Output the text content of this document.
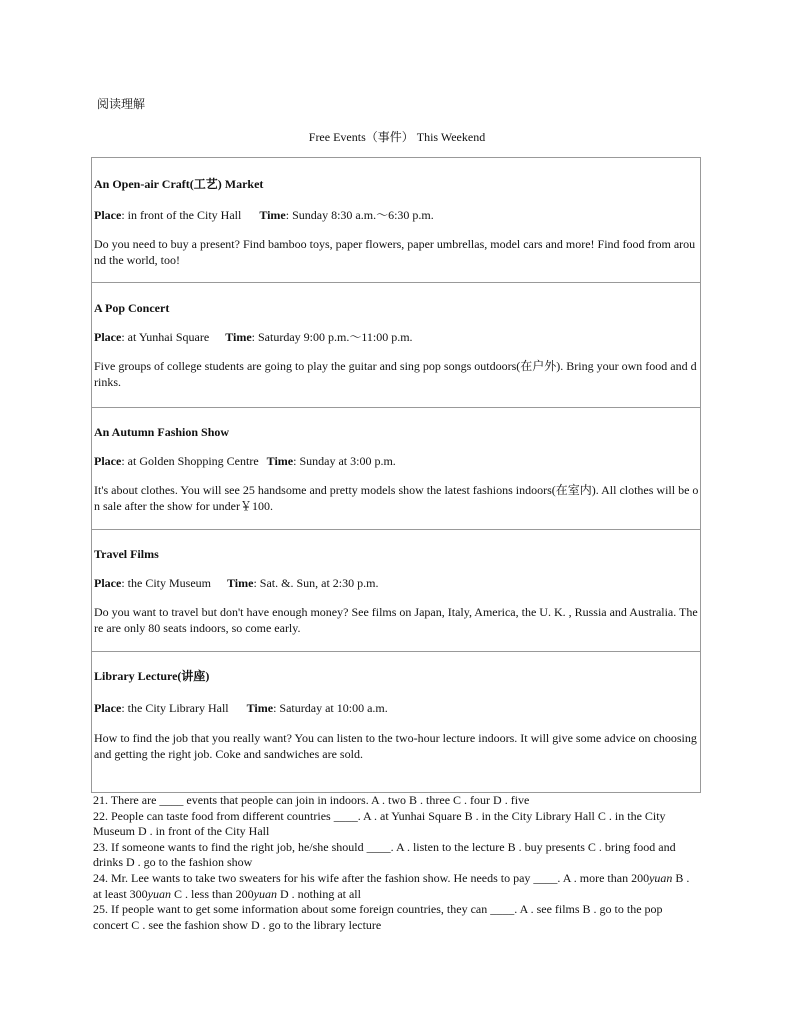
阅读理解
Free Events（事件） This Weekend

An Open-air Craft(工艺) Market

Place: in front of the City Hall Time: Sunday 8:30 a.m.～6:30 p.m.

Do you need to buy a present? Find bamboo toys, paper flowers, paper umbrellas, model cars and more! Find food from around the world, too!

A Pop Concert

Place: at Yunhai Square Time: Saturday 9:00 p.m.～11:00 p.m.

Five groups of college students are going to play the guitar and sing pop songs outdoors(在户外). Bring your own food and drinks.

An Autumn Fashion Show

Place: at Golden Shopping Centre Time: Sunday at 3:00 p.m.

It's about clothes. You will see 25 handsome and pretty models show the latest fashions indoors(在室内). All clothes will be on sale after the show for under￥100.

Travel Films

Place: the City Museum Time: Sat. &. Sun, at 2:30 p.m.

Do you want to travel but don't have enough money? See films on Japan, Italy, America, the U. K. , Russia and Australia. There are only 80 seats indoors, so come early.

Library Lecture(讲座)

Place: the City Library Hall Time: Saturday at 10:00 a.m.

How to find the job that you really want? You can listen to the two-hour lecture indoors. It will give some advice on choosing and getting the right job. Coke and sandwiches are sold.

21. There are ____ events that people can join in indoors. A . two B . three C . four D . five

22. People can taste food from different countries ____. A . at Yunhai Square B . in the City Library Hall C . in the City Museum D . in front of the City Hall

23. If someone wants to find the right job, he/she should ____. A . listen to the lecture B . buy presents C . bring food and drinks D . go to the fashion show

24. Mr. Lee wants to take two sweaters for his wife after the fashion show. He needs to pay ____. A . more than 200yuan B . at least 300yuan C . less than 200yuan D . nothing at all

25. If people want to get some information about some foreign countries, they can ____. A . see films B . go to the pop concert C . see the fashion show D . go to the library lecture
